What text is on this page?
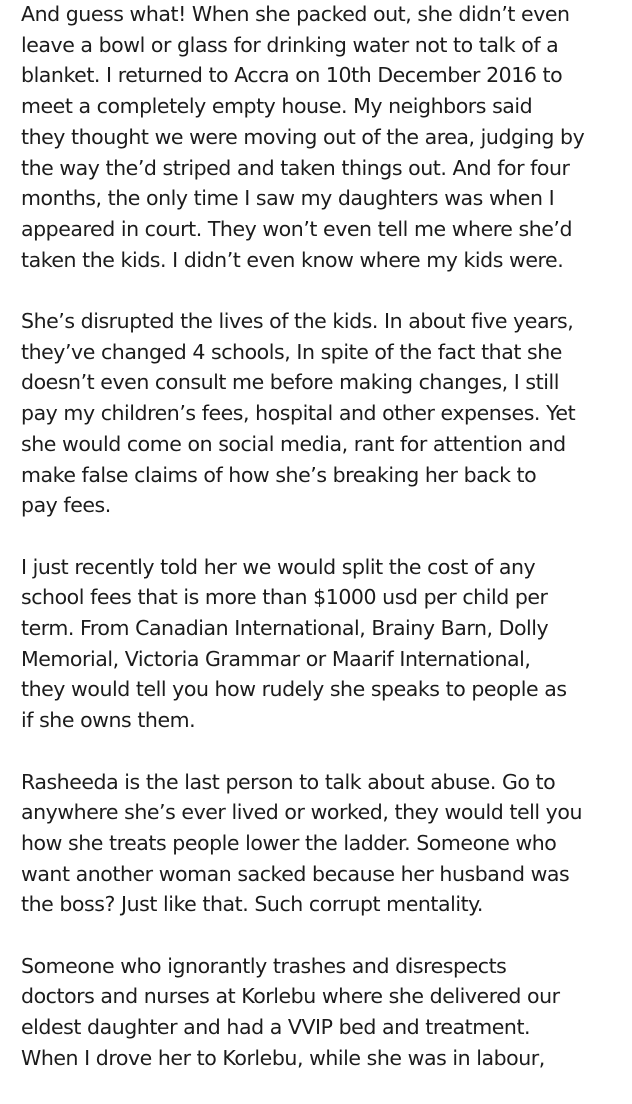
And guess what! When she packed out, she didn’t even
leave a bowl or glass for drinking water not to talk of a
blanket. I returned to Accra on 10th December 2016 to
meet a completely empty house. My neighbors said
they thought we were moving out of the area, judging by
the way the’d striped and taken things out. And for four
months, the only time I saw my daughters was when I
appeared in court. They won’t even tell me where she’d
taken the kids. I didn’t even know where my kids were.

She’s disrupted the lives of the kids. In about five years,
they’ve changed 4 schools, In spite of the fact that she
doesn’t even consult me before making changes, I still
pay my children’s fees, hospital and other expenses. Yet
she would come on social media, rant for attention and
make false claims of how she’s breaking her back to
pay fees.

I just recently told her we would split the cost of any
school fees that is more than $1000 usd per child per
term. From Canadian International, Brainy Barn, Dolly
Memorial, Victoria Grammar or Maarif International,
they would tell you how rudely she speaks to people as
if she owns them.

Rasheeda is the last person to talk about abuse. Go to
anywhere she’s ever lived or worked, they would tell you
how she treats people lower the ladder. Someone who
want another woman sacked because her husband was
the boss? Just like that. Such corrupt mentality.

Someone who ignorantly trashes and disrespects
doctors and nurses at Korlebu where she delivered our
eldest daughter and had a VVIP bed and treatment.
When I drove her to Korlebu, while she was in labour,
